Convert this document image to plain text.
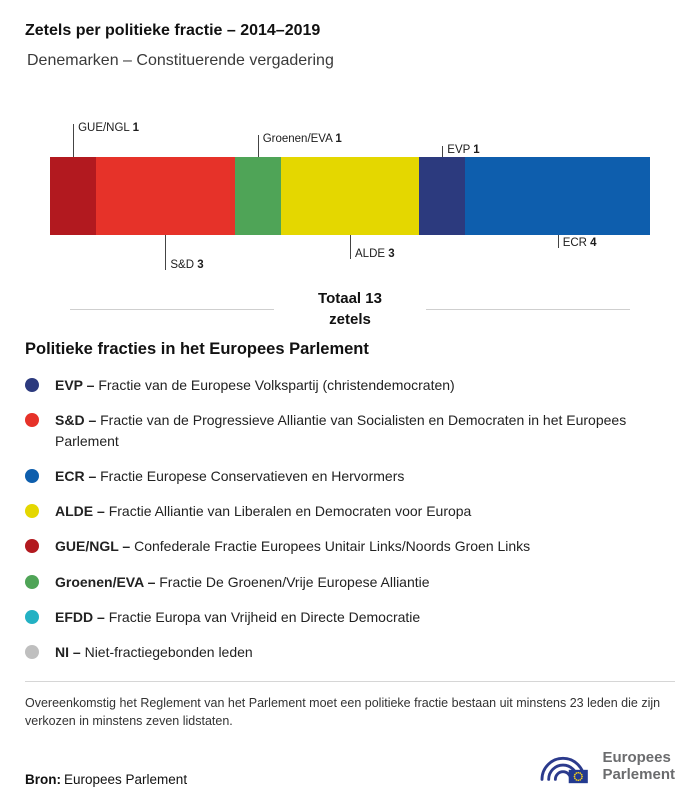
Zetels per politieke fractie – 2014–2019
Denemarken – Constituerende vergadering
GUE/NGL 1
S&D 3
Groenen/EVA 1
ALDE 3
EVP 1
ECR 4
Totaal 13
zetels
Politieke fracties in het Europees Parlement
EVP – Fractie van de Europese Volkspartij (christendemocraten)
S&D – Fractie van de Progressieve Alliantie van Socialisten en Democraten in het Europees Parlement
ECR – Fractie Europese Conservatieven en Hervormers
ALDE – Fractie Alliantie van Liberalen en Democraten voor Europa
GUE/NGL – Confederale Fractie Europees Unitair Links/Noords Groen Links
Groenen/EVA – Fractie De Groenen/Vrije Europese Alliantie
EFDD – Fractie Europa van Vrijheid en Directe Democratie
NI – Niet-fractiegebonden leden
Overeenkomstig het Reglement van het Parlement moet een politieke fractie bestaan uit minstens 23 leden die zijn verkozen in minstens zeven lidstaten.
Bron: Europees Parlement
Europees
Parlement
